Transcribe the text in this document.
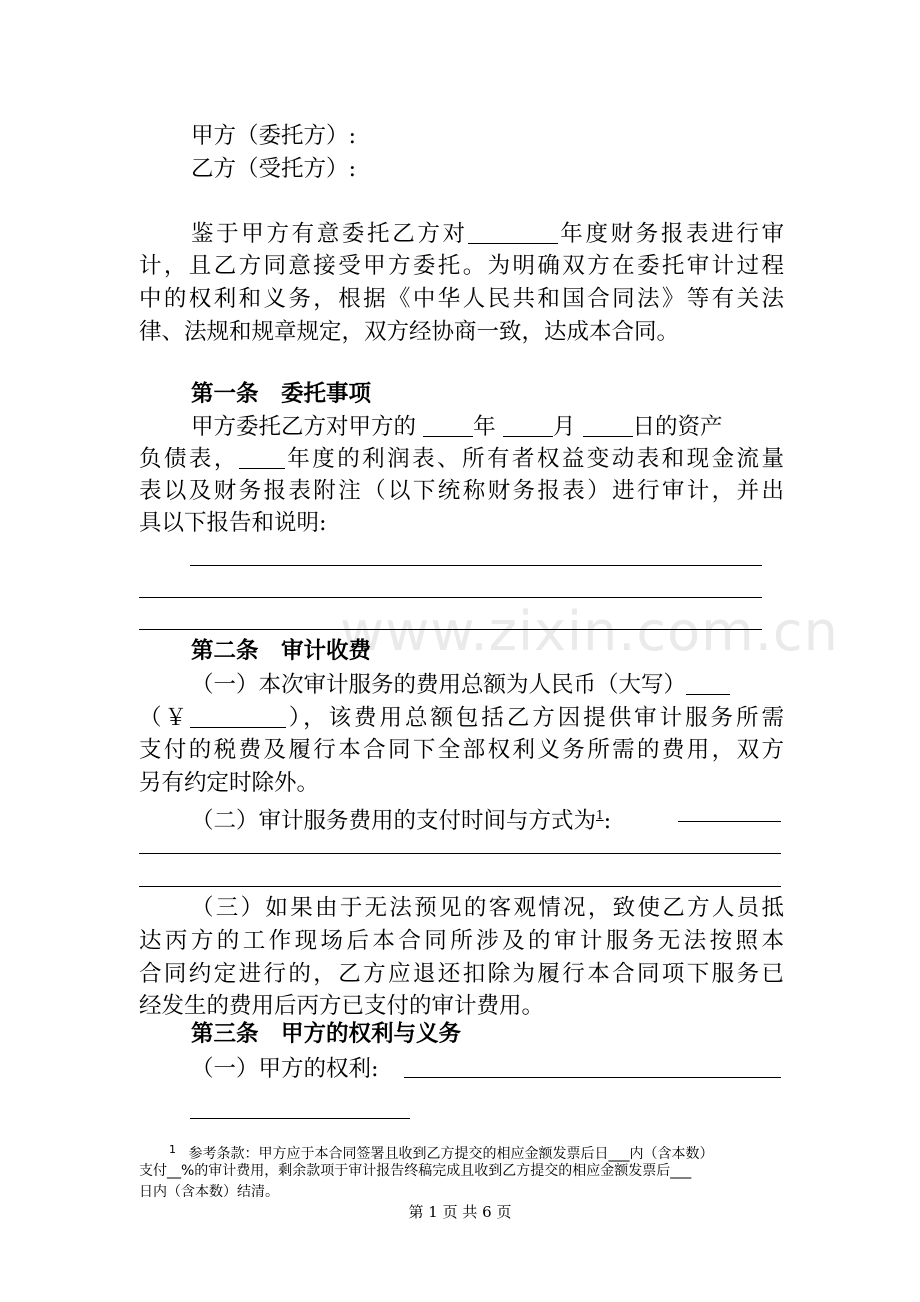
www.zixin.com.cn
甲方（委托方）:
乙方（受托方）:
鉴于甲方有意委托乙方对	年度财务报表进行审
计，且乙方同意接受甲方委托。为明确双方在委托审计过程
中的权利和义务，根据《中华人民共和国合同法》等有关法
律、法规和规章规定，双方经协商一致，达成本合同。
第一条　委托事项
甲方委托乙方对甲方的	年	月	日的资产
负债表， 年度的利润表、所有者权益变动表和现金流量
表以及财务报表附注（以下统称财务报表）进行审计，并出
具以下报告和说明:
第二条　审计收费
（一）本次审计服务的费用总额为人民币（大写）
（￥	），该费用总额包括乙方因提供审计服务所需
支付的税费及履行本合同下全部权利义务所需的费用，双方
另有约定时除外。
（二）审计服务费用的支付时间与方式为$^1$:
（三）如果由于无法预见的客观情况，致使乙方人员抵
达丙方的工作现场后本合同所涉及的审计服务无法按照本
合同约定进行的，乙方应退还扣除为履行本合同项下服务已
经发生的费用后丙方已支付的审计费用。
第三条　甲方的权利与义务
（一）甲方的权利:
$^1$ 参考条款：甲方应于本合同签署且收到乙方提交的相应金额发票后日___内（含本数）
支付__%的审计费用，剩余款项于审计报告终稿完成且收到乙方提交的相应金额发票后___
日内（含本数）结清。
第 1 页 共 6 页
